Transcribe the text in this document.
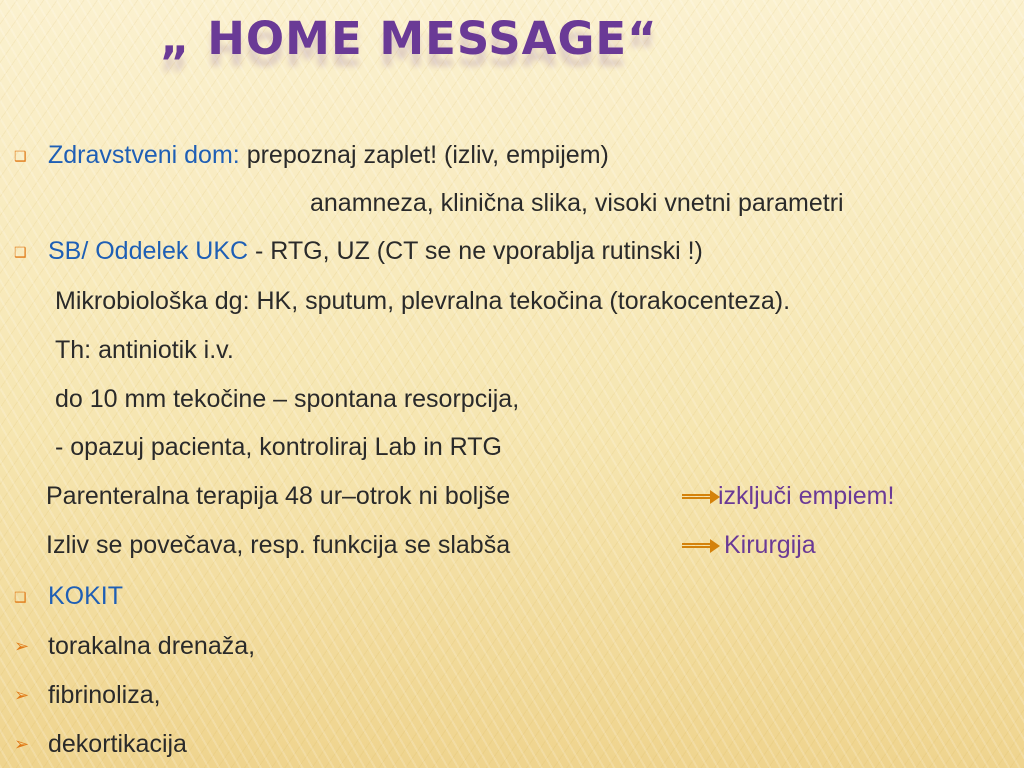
„ HOME MESSAGE“
Zdravstveni dom: prepoznaj zaplet! (izliv, empijem)
❑
anamneza, klinična slika, visoki vnetni parametri
SB/ Oddelek UKC - RTG, UZ (CT se ne vporablja rutinski !)
❑
Mikrobiološka dg: HK, sputum, plevralna tekočina (torakocenteza).
Th: antiniotik i.v.
do 10 mm tekočine – spontana resorpcija,
- opazuj pacienta, kontroliraj Lab in RTG
Parenteralna terapija 48 ur–otrok ni boljše	izključi empiem!
Izliv se povečava, resp. funkcija se slabša	Kirurgija
KOKIT
❑
➢ torakalna drenaža,
➢ fibrinoliza,
➢ dekortikacija
